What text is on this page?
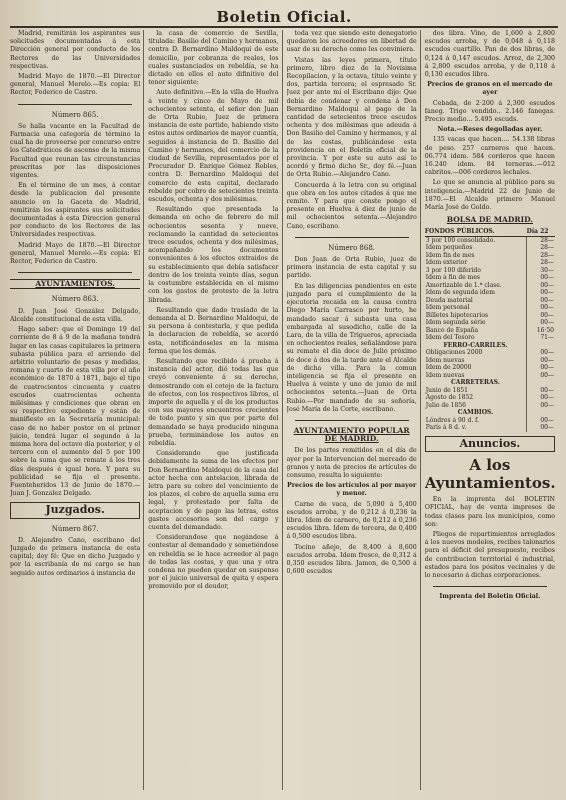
Boletin Oficial.

Madrid, remitirán los aspirantes sus solicitudes documentadas á esta Dirección general por conducto de los Rectores de las Universidades respectivas.

Madrid Mayo de 1870.—El Director general, Manuel Merelo.—Es copia: El Rector, Federico de Castro.

Número 865.

Se halla vacante en la Facultad de Farmacia una categoría de término la cual ha de proveerse por concurso entre los Catedráticos de ascenso de la misma Facultad que reunan las circunstancias prescritas por las disposiciones vigentes.

En el término de un mes, á contar desde la publicacion del presente anuncio en la Gaceta de Madrid, remitirán los aspirantes sus solicitudes documentadas á esta Direccion general por conducto de los Rectores de las Universidades respectivas.

Madrid Mayo de 1870.—El Director general, Manuel Merelo.—Es copia: El Rector, Federico de Castro.

AYUNTAMIENTOS.
Número 863.

D. Juan José González Delgado, Alcalde constitucional de esta villa.

Hago saber: que el Domingo 19 del corriente de 8 á 9 de la mañana tendrá lugar en las casas capitulares la primera subasta pública para el arriendo del arbitrio voluntario de pesas y medidas, romana y cuarto de esta villa por el año económico de 1870 á 1871, bajo el tipo de cuatrocientos cincuenta y cuatro escudos cuatrocientas ochenta milésimas y condiciones que obran en su respectivo expediente y están de manifiesto en la Secretaría municipal: caso de no haber postor en el primer juicio, tendrá lugar el segundo á la misma hora del octavo día posterior, y el tercero con el aumento del 5 por 100 sobre la suma que se remate á los tres días después é igual hora. Y para su publicidad se fija el presente. Fuenteheridos 13 de Junio de 1870.—Juan J. Gonzalez Delgado.

Juzgados.
Número 867.

D. Alejandro Cano, escribano del Juzgado de primera instancia de esta capital; doy fé: Que en dicho Juzgado y por la escribanía de mi cargo se han seguido autos ordinarios á instancia de

la casa de comercio de Sevilla, titulada: Basilio del Camino y hermanos, contra D. Bernardino Maldoqui de este domicilio, por cobranza de reales, los cuales sustanciados en rebeldía, se ha dictado en ellos el auto difinitivo del tenor siguiente:

Auto definitivo.—En la villa de Huelva á veinte y cinco de Mayo de mil ochocientos setenta, el señor don Juan de Orta Rubio, Juez de primera instancia de este partido, habiendo visto estos autos ordinarios de mayor cuantía, seguidos á instancia de D. Basilio del Camino y hermanos, del comercio de la ciudad de Sevilla, representados por el Procurador D. Enrique Gómez Robles, contra D. Bernardino Maldoqui del comercio de esta capital, declarado rebelde por cobro de setecientos treinta escudos, ochenta y dos milésimas.

Resultando que presentada la demanda en ocho de febrero de mil ochocientos sesenta y nueve, reclamando la cantidad de setecientos trece escudos, ochenta y dos milésimas, acompañando los documentos convenientes á los efectos extraidos de su establecimiento que debía satisfacer dentro de los treinta veinte días, segun la costumbre establecida en el mismo con los gastos de protesto de la letra librada.

Resultando que dado traslado de la demanda al D. Bernardino Maldoqui, de su persona á contestarla, y que pedida la declaracion de rebeldía, se acordó esta, notificándoseles en la misma forma que los demás.

Resultando que recibido á prueba á instancia del actor, dió todas las que creyó conveniente á su derecho, demostrando con el cotejo de la factura de efectos, con los respectivos libros, el importe de aquella y el de los productos con sus mayores encuentros crecientes de todo punto y sin que por parte del demandado se haya producido ninguna prueba, terminándose los autos en rebeldía.

Considerando que justificada debidamente la suma de los efectos por Don Bernardino Maldoqui de la casa del actor hecha con antelacion, librada de letra para su cobro del vencimiento de los plazos, el cobro de aquella suma era legal, y protestado por falta de aceptacion y de pago las letras, estos gastos accesorios son del cargo y cuenta del demandado.

Considerandose que negándose á contestar al demandado y sometiéndose en rebeldía se le hace acreedor al pago de todas las costas, y que una y otra condena no pueden quedar en suspenso por el juicio universal de quita y espera promovido por el deudor,

toda vez que siendo este denegatorio quedaron los acreedores en libertad de usar de su derecho como les conviniera.

Vistas las leyes primera, título primero, libro diez de la Novísima Recopilacion, y la octava, título veinte y dos, partida tercera; el espresado Sr. Juez por ante mí el Escribano dijo: Que debía de condenar y condena á Don Bernardino Maldoqui al pago de la cantidad de setecientos trece escudos ochenta y dos milésimas que adeuda á Don Basilio del Camino y hermanos, y al de las costas, publicándose esta providencia en el Boletín oficial de la provincia. Y por este su auto así lo acordó y firmó dicho Sr., doy fé.—Juan de Orta Rubio.—Alejandro Cano.

Concuerda á la letra con su original que obra en los autos citados á que me remito. Y para que conste pongo el presente en Huelva á diez de junio de mil ochocientos setenta.—Alejandro Cano, escribano.

Número 868.

Don Juan de Orta Rubio, juez de primera instancia de esta capital y su partido.

En las diligencias pendientes en este juzgado para el cumplimiento de la ejecutoria recaida en la causa contra Diego María Carrasco por hurto, he mandado sacar á subasta una casa embargada al susodicho, calle de la Lara, de la villa de Trigueros, apreciada en ochocientos reales, señalándose para su remate el dia doce de Julio próximo de doce á dos de la tarde ante el Alcalde de dicha villa. Para la comun inteligencia se fija el presente en Huelva á veinte y uno de junio de mil ochocientos setenta.—Juan de Orta Rubio.—Por mandado de su señoría, José María de la Corte, escribano.

AYUNTAMIENTO POPULAR DE MADRID.

De los partes remitidos en el día de ayer por la Intervencion del mercado de granos y nota de precios de artículos de consumo, resulta lo siguiente:

Precios de los artículos al por mayor y menor.

Carne de vaca, de 5,090 á 5,400 escudos arroba, y de 0,212 á 0,236 la libra. Idem de carnero, de 0,212 á 0,236 escudos libra. Idem de tercera, de 0,400 á 0,500 escudos libra.

Tocino añejo, de 8,400 á 8,600 escudos arroba. Idem fresco, de 0,312 á 0,350 escudos libra. Jamon, de 0,500 á 0,600 escudos

dos libra. Vino, de 1,600 á 2,800 escudos arroba, y de 0,048 á 0,118 escudos cuartillo. Pan de dos libras, de 0,124 á 0,147 escudos. Arroz, de 2,300 á 2,800 escudos arroba, y de 0,118 á 0,130 escudos libra.

Precios de granos en el mercado de ayer

Cebada, de 2·200 á 2,300 escudos faneg. Trigo vendido.. 2.146 fanegas. Precio medio... 5.495 escuds.

Nota.—Reses degolladas ayer.

135 vacas que hacen.... 54.138 libras de peso. 257 carneros que hacen. 06.774 idem. 584 corderos que hacen 16.240 idem. 84 terneras..—012 cabritos.—006 corderos lechales.

Lo que se anuncia al público para su inteligencia.—Madrid 22 de Junio de 1870.—El Alcalde primero Manuel María José de Goldo.

BOLSA DE MADRID.
FONDOS PÚBLICOS.	Día 22
3 por 100 consolidado.	28—
Idem pequeños	28—
Idem fin de mes	28—
Idem exterior	28—
3 por 100 diferido	30—
Idem á fin de mes	00—
Amortizable de 1.ª clase.	00—
Idem de segunda idem	00—
Deuda material	00—
Idem personal	00—
Billetes hipotecarios	00—
Idem segunda série	00—
Banco de España	16·50
Idem del Tesoro	71—
FERRO-CARRILES.	
Obligaciones 2000	00—
Idem nuevas	00—
Idem de 20000	00—
Idem nuevas	00—
CARRETERAS.	
Junio de 1851	00—
Agosto de 1852	00—
Julio de 1856	00—
CAMBIOS.	
Lóndres á 90 d. f.	00—
París á 8 d. v.	00—
Anuncios.
A los Ayuntamientos.

En la imprenta del BOLETIN OFICIAL, hay de venta impresos de todas clases para los municipios, como son:

Pliegos de repartimientos arreglados á los nuevos modelos, recibos talonarios para el déficit del presupuesto, recibos de contribucion territorial é industrial, estados para los pósitos vecinales y de lo necesario á dichas corporaciones.

Imprenta del Boletin Oficial.
